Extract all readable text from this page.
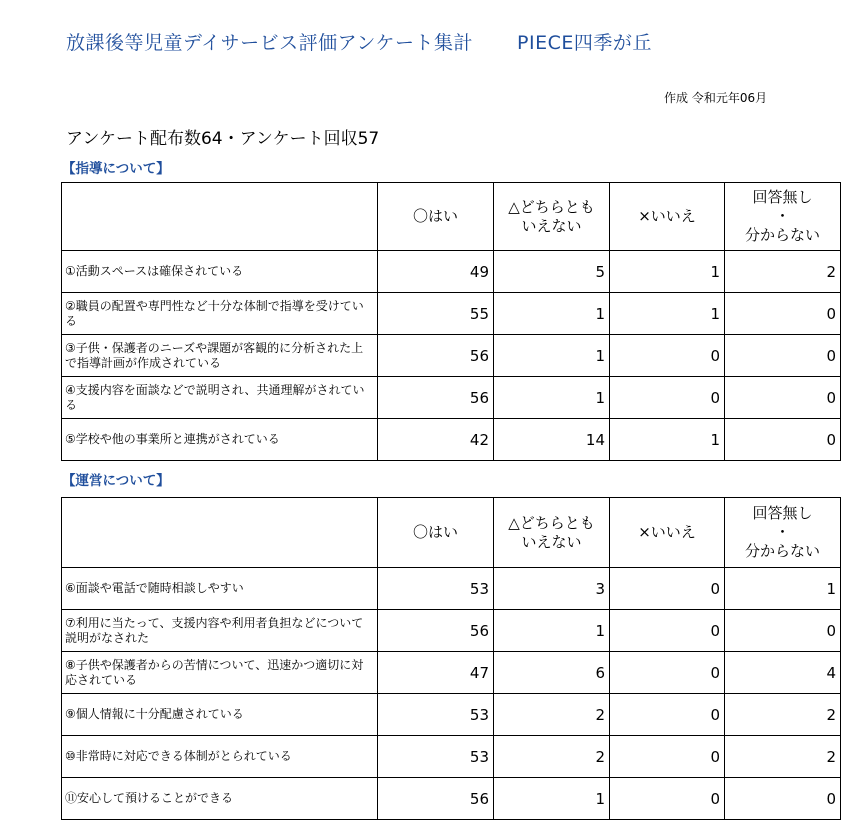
放課後等児童デイサービス評価アンケート集計 PIECE四季が丘
作成 令和元年06月
アンケート配布数64・アンケート回収57
【指導について】
	〇はい	△どちらとも
いえない	×いいえ	回答無し
・
分からない
①活動スペースは確保されている	49	5	1	2
②職員の配置や専門性など十分な体制で指導を受けている	55	1	1	0
③子供・保護者のニーズや課題が客観的に分析された上で指導計画が作成されている	56	1	0	0
④支援内容を面談などで説明され、共通理解がされている	56	1	0	0
⑤学校や他の事業所と連携がされている	42	14	1	0
【運営について】
	〇はい	△どちらとも
いえない	×いいえ	回答無し
・
分からない
⑥面談や電話で随時相談しやすい	53	3	0	1
⑦利用に当たって、支援内容や利用者負担などについて説明がなされた	56	1	0	0
⑧子供や保護者からの苦情について、迅速かつ適切に対応されている	47	6	0	4
⑨個人情報に十分配慮されている	53	2	0	2
⑩非常時に対応できる体制がとられている	53	2	0	2
⑪安心して預けることができる	56	1	0	0
